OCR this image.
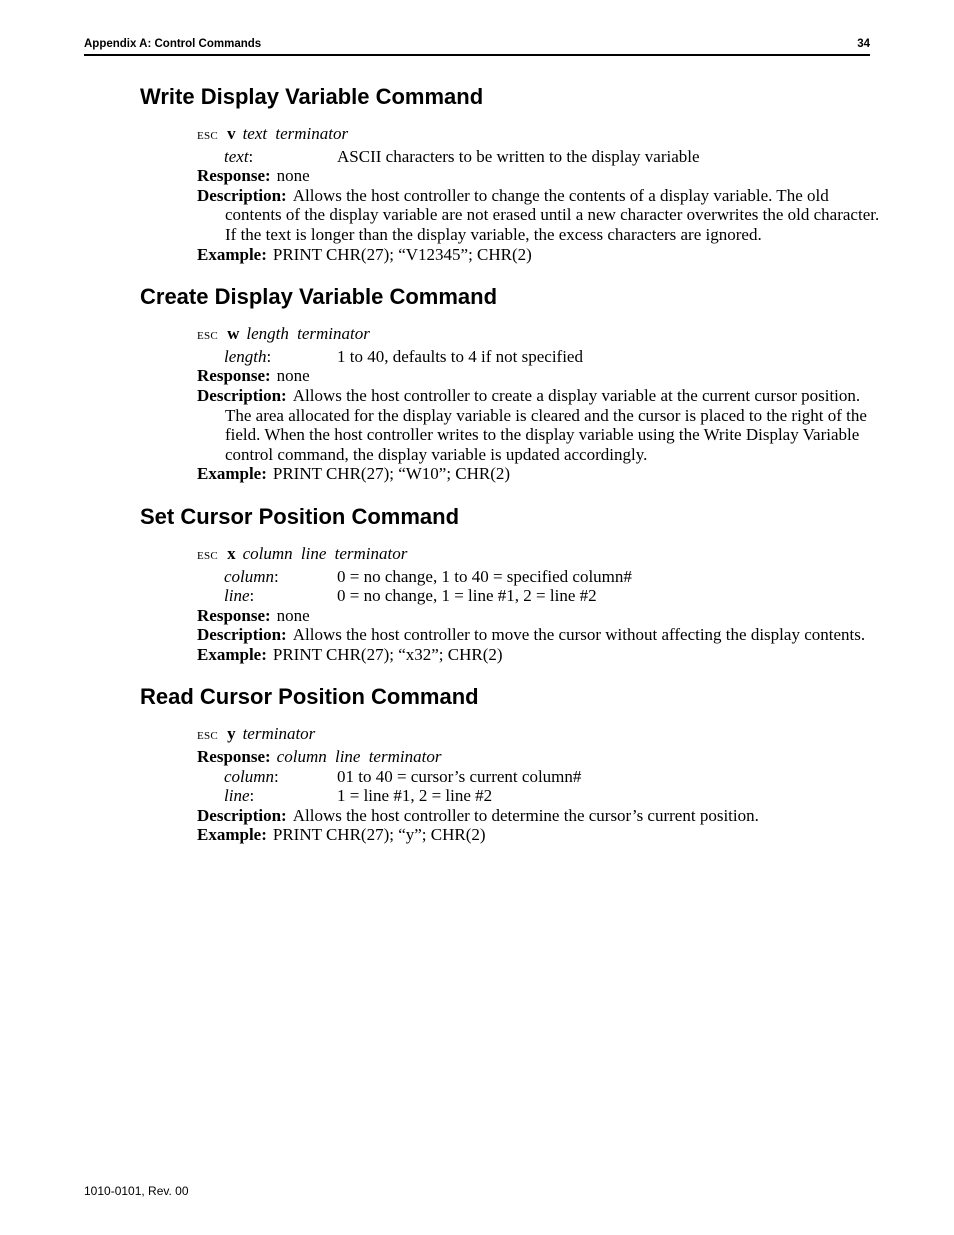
Appendix A: Control Commands	34
Write Display Variable Command
ESC v text terminator
text:	ASCII characters to be written to the display variable
Response: none
Description: Allows the host controller to change the contents of a display variable. The old contents of the display variable are not erased until a new character overwrites the old character. If the text is longer than the display variable, the excess characters are ignored.
Example: PRINT CHR(27); “V12345”; CHR(2)
Create Display Variable Command
ESC w length terminator
length:	1 to 40, defaults to 4 if not specified
Response: none
Description: Allows the host controller to create a display variable at the current cursor position. The area allocated for the display variable is cleared and the cursor is placed to the right of the field. When the host controller writes to the display variable using the Write Display Variable control command, the display variable is updated accordingly.
Example: PRINT CHR(27); “W10”; CHR(2)
Set Cursor Position Command
ESC x column line terminator
column:	0 = no change, 1 to 40 = specified column#
line:	0 = no change, 1 = line #1, 2 = line #2
Response: none
Description: Allows the host controller to move the cursor without affecting the display contents.
Example: PRINT CHR(27); “x32”; CHR(2)
Read Cursor Position Command
ESC y terminator
Response: column line terminator
column:	01 to 40 = cursor’s current column#
line:	1 = line #1, 2 = line #2
Description: Allows the host controller to determine the cursor’s current position.
Example: PRINT CHR(27); “y”; CHR(2)
1010-0101, Rev. 00
